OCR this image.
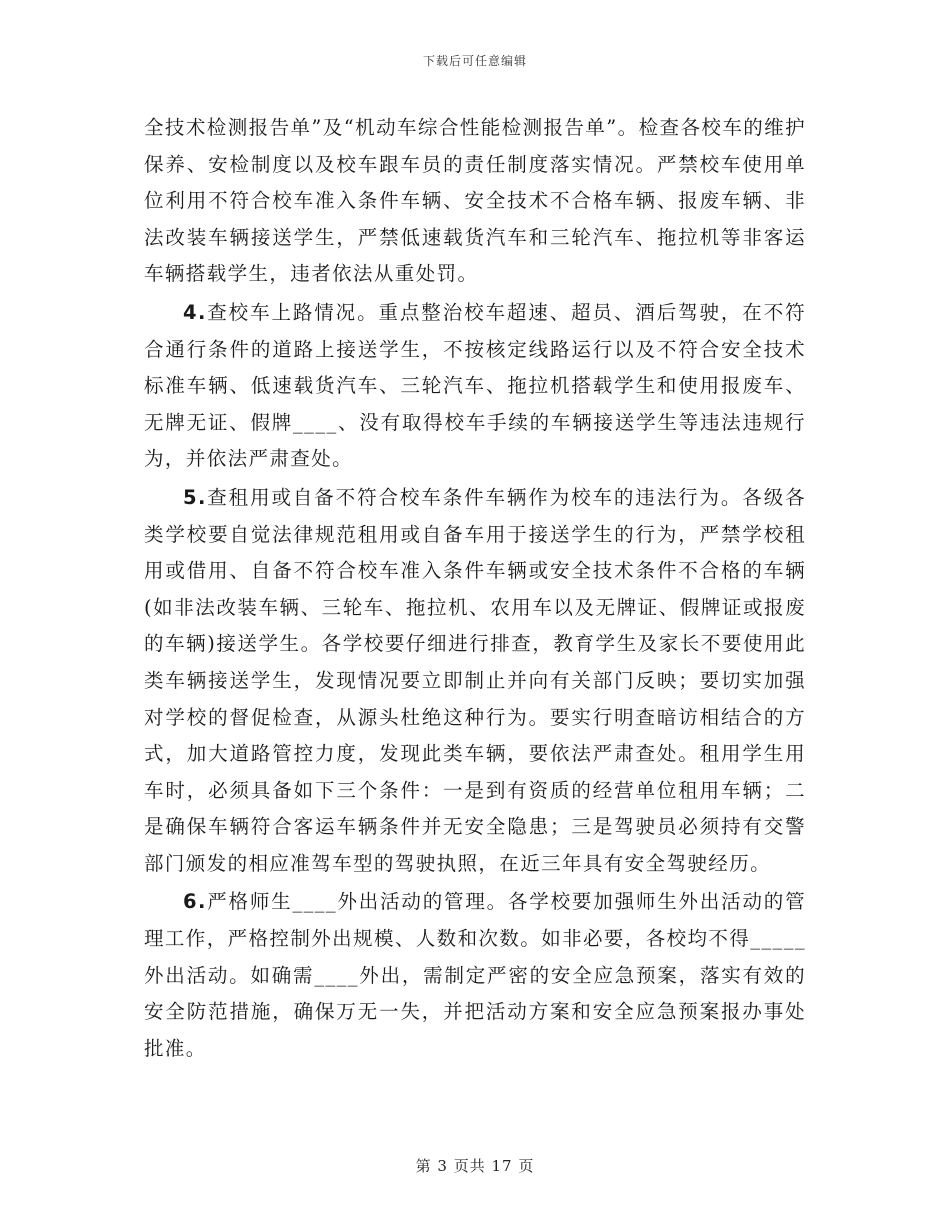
下载后可任意编辑

全技术检测报告单”及“机动车综合性能检测报告单”。检查各校车的维护保养、安检制度以及校车跟车员的责任制度落实情况。严禁校车使用单位利用不符合校车准入条件车辆、安全技术不合格车辆、报废车辆、非法改装车辆接送学生，严禁低速载货汽车和三轮汽车、拖拉机等非客运车辆搭载学生，违者依法从重处罚。

4.查校车上路情况。重点整治校车超速、超员、酒后驾驶，在不符合通行条件的道路上接送学生，不按核定线路运行以及不符合安全技术标准车辆、低速载货汽车、三轮汽车、拖拉机搭载学生和使用报废车、无牌无证、假牌____、没有取得校车手续的车辆接送学生等违法违规行为，并依法严肃查处。

5.查租用或自备不符合校车条件车辆作为校车的违法行为。各级各类学校要自觉法律规范租用或自备车用于接送学生的行为，严禁学校租用或借用、自备不符合校车准入条件车辆或安全技术条件不合格的车辆(如非法改装车辆、三轮车、拖拉机、农用车以及无牌证、假牌证或报废的车辆)接送学生。各学校要仔细进行排查，教育学生及家长不要使用此类车辆接送学生，发现情况要立即制止并向有关部门反映；要切实加强对学校的督促检查，从源头杜绝这种行为。要实行明查暗访相结合的方式，加大道路管控力度，发现此类车辆，要依法严肃查处。租用学生用车时，必须具备如下三个条件：一是到有资质的经营单位租用车辆；二是确保车辆符合客运车辆条件并无安全隐患；三是驾驶员必须持有交警部门颁发的相应准驾车型的驾驶执照，在近三年具有安全驾驶经历。

6.严格师生____外出活动的管理。各学校要加强师生外出活动的管理工作，严格控制外出规模、人数和次数。如非必要，各校均不得_____外出活动。如确需____外出，需制定严密的安全应急预案，落实有效的安全防范措施，确保万无一失，并把活动方案和安全应急预案报办事处批准。

第 3 页共 17 页
